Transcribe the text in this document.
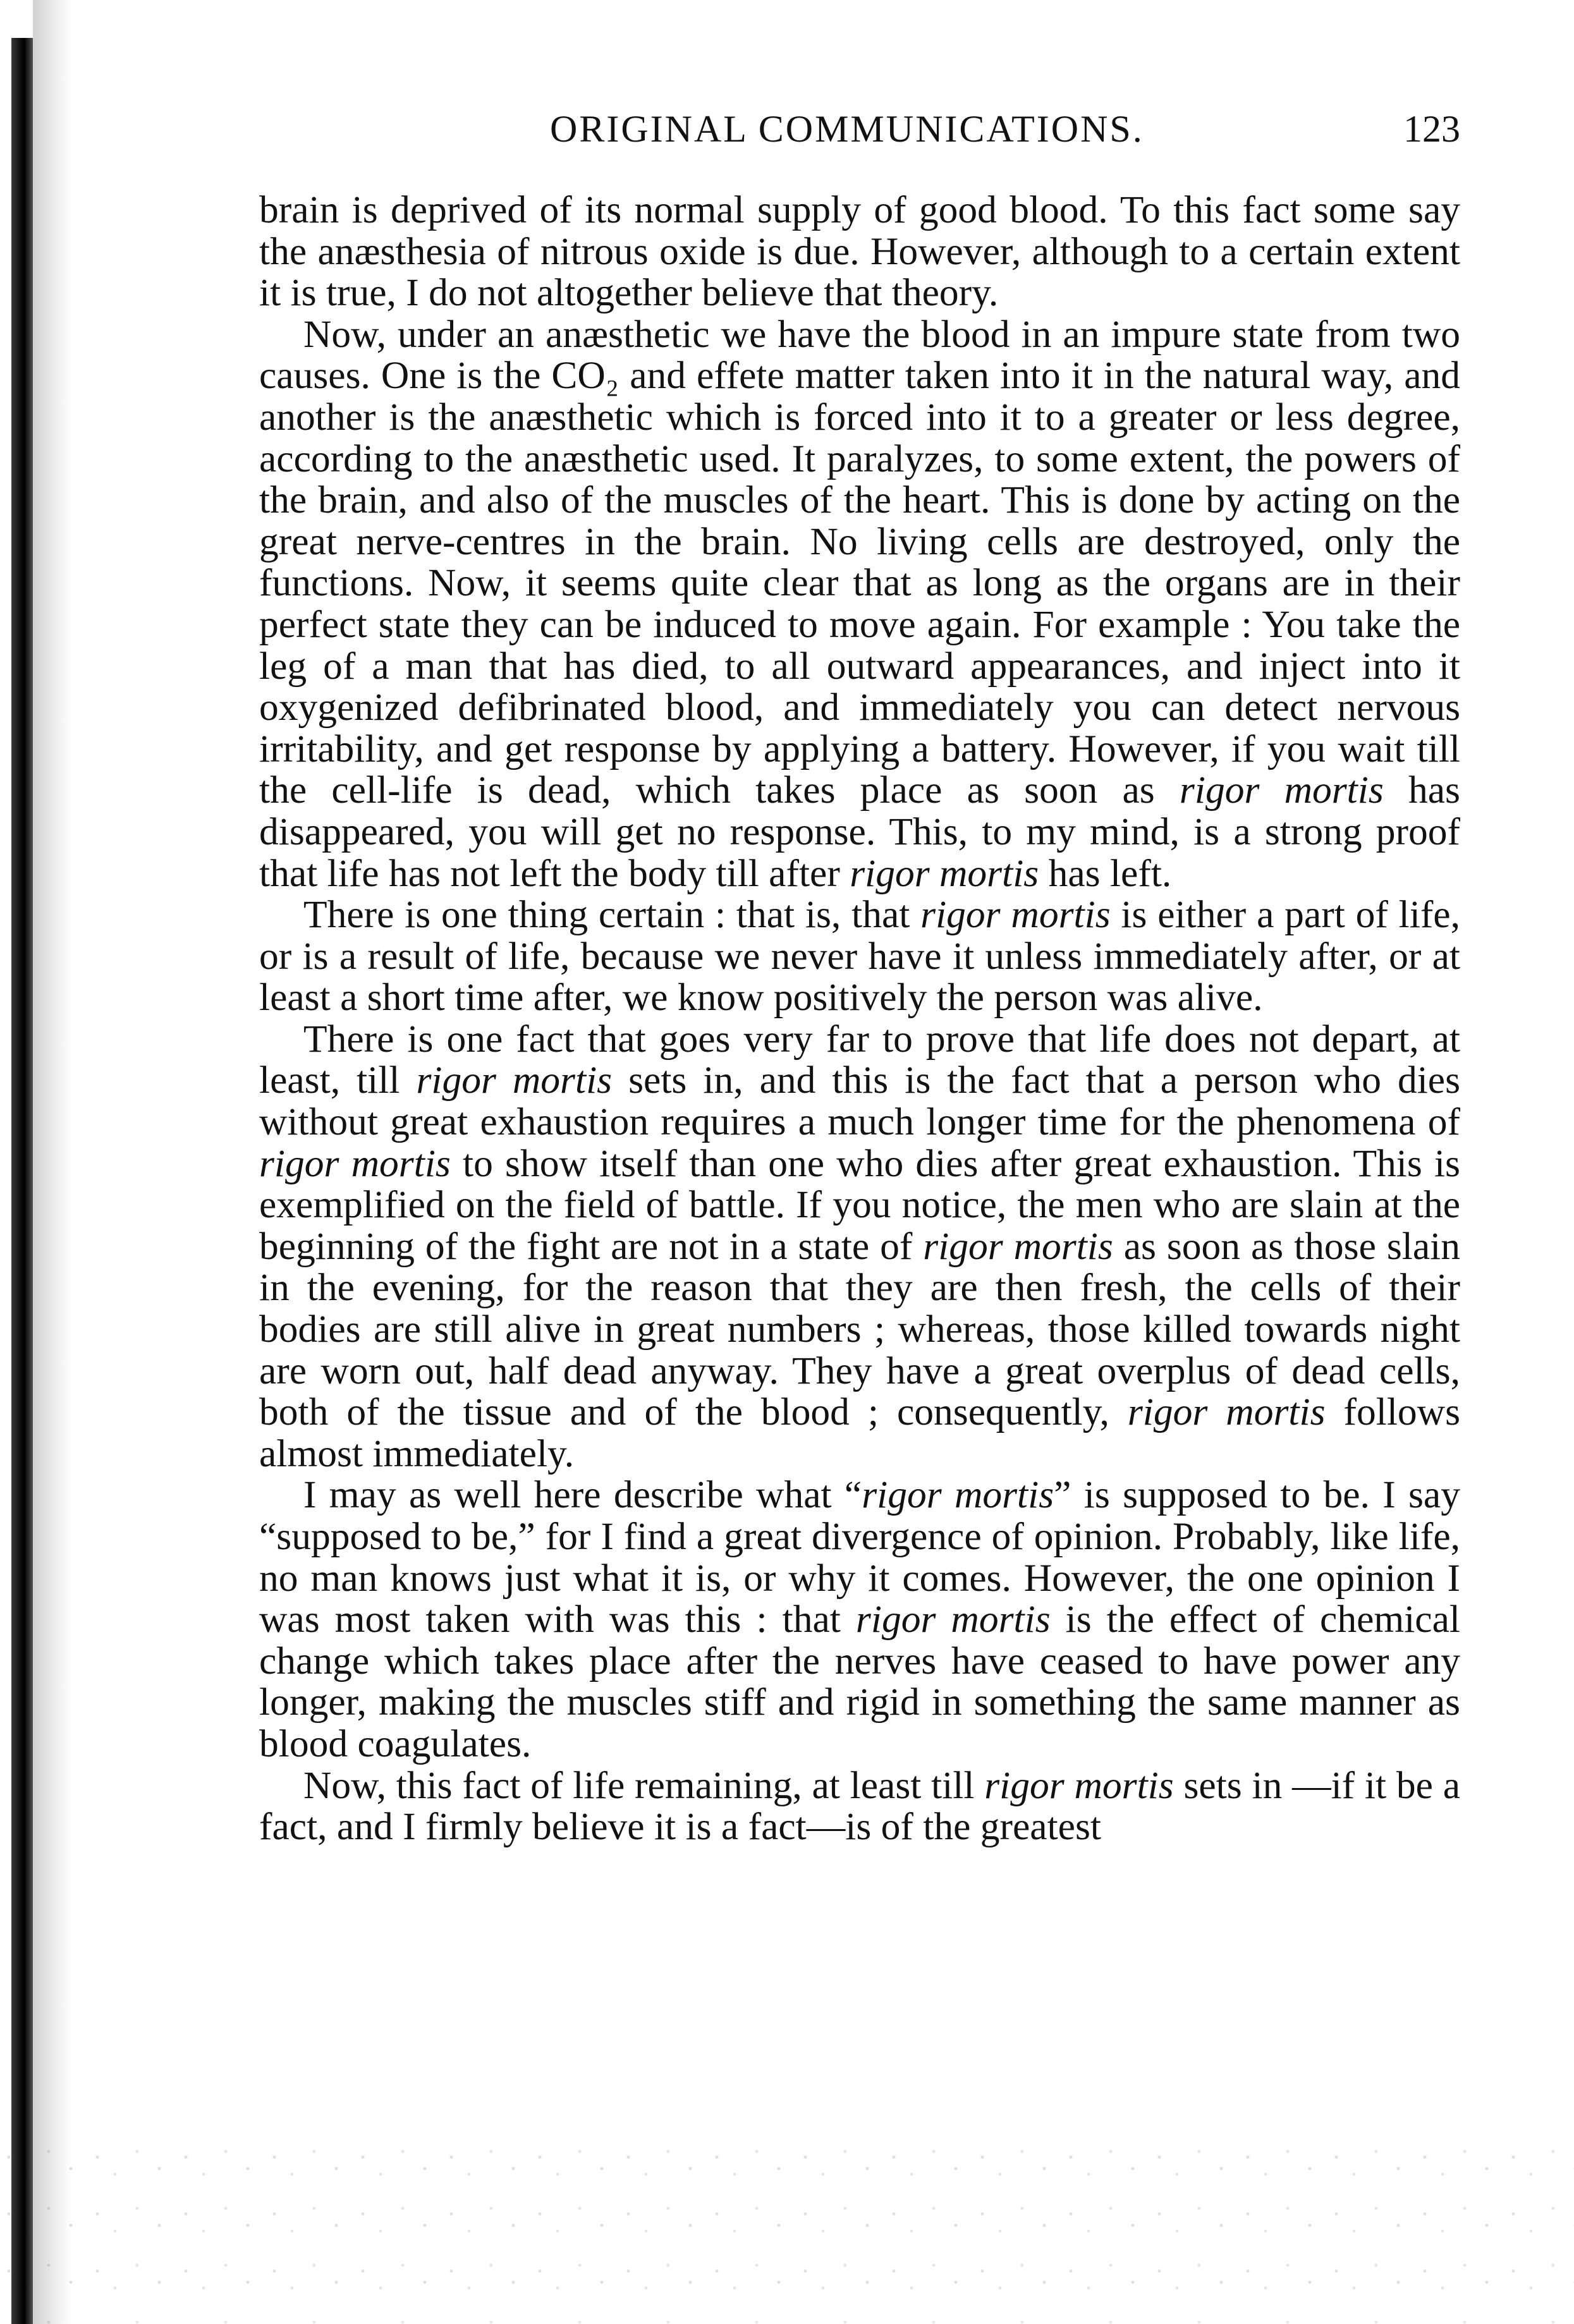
ORIGINAL COMMUNICATIONS.	123

brain is deprived of its normal supply of good blood. To this fact some say the anæsthesia of nitrous oxide is due. However, although to a certain extent it is true, I do not altogether believe that theory.

Now, under an anæsthetic we have the blood in an impure state from two causes. One is the CO₂ and effete matter taken into it in the natural way, and another is the anæsthetic which is forced into it to a greater or less degree, according to the anæsthetic used. It paralyzes, to some extent, the powers of the brain, and also of the muscles of the heart. This is done by acting on the great nerve-centres in the brain. No living cells are destroyed, only the functions. Now, it seems quite clear that as long as the organs are in their perfect state they can be induced to move again. For example : You take the leg of a man that has died, to all outward appearances, and inject into it oxygenized defibrinated blood, and immediately you can detect nervous irritability, and get response by applying a battery. However, if you wait till the cell-life is dead, which takes place as soon as rigor mortis has disappeared, you will get no response. This, to my mind, is a strong proof that life has not left the body till after rigor mortis has left.

There is one thing certain : that is, that rigor mortis is either a part of life, or is a result of life, because we never have it unless immediately after, or at least a short time after, we know positively the person was alive.

There is one fact that goes very far to prove that life does not depart, at least, till rigor mortis sets in, and this is the fact that a person who dies without great exhaustion requires a much longer time for the phenomena of rigor mortis to show itself than one who dies after great exhaustion. This is exemplified on the field of battle. If you notice, the men who are slain at the beginning of the fight are not in a state of rigor mortis as soon as those slain in the evening, for the reason that they are then fresh, the cells of their bodies are still alive in great numbers ; whereas, those killed towards night are worn out, half dead anyway. They have a great overplus of dead cells, both of the tissue and of the blood ; consequently, rigor mortis follows almost immediately.

I may as well here describe what “rigor mortis” is supposed to be. I say “supposed to be,” for I find a great divergence of opinion. Probably, like life, no man knows just what it is, or why it comes. However, the one opinion I was most taken with was this : that rigor mortis is the effect of chemical change which takes place after the nerves have ceased to have power any longer, making the muscles stiff and rigid in something the same manner as blood coagulates.

Now, this fact of life remaining, at least till rigor mortis sets in —if it be a fact, and I firmly believe it is a fact—is of the greatest
